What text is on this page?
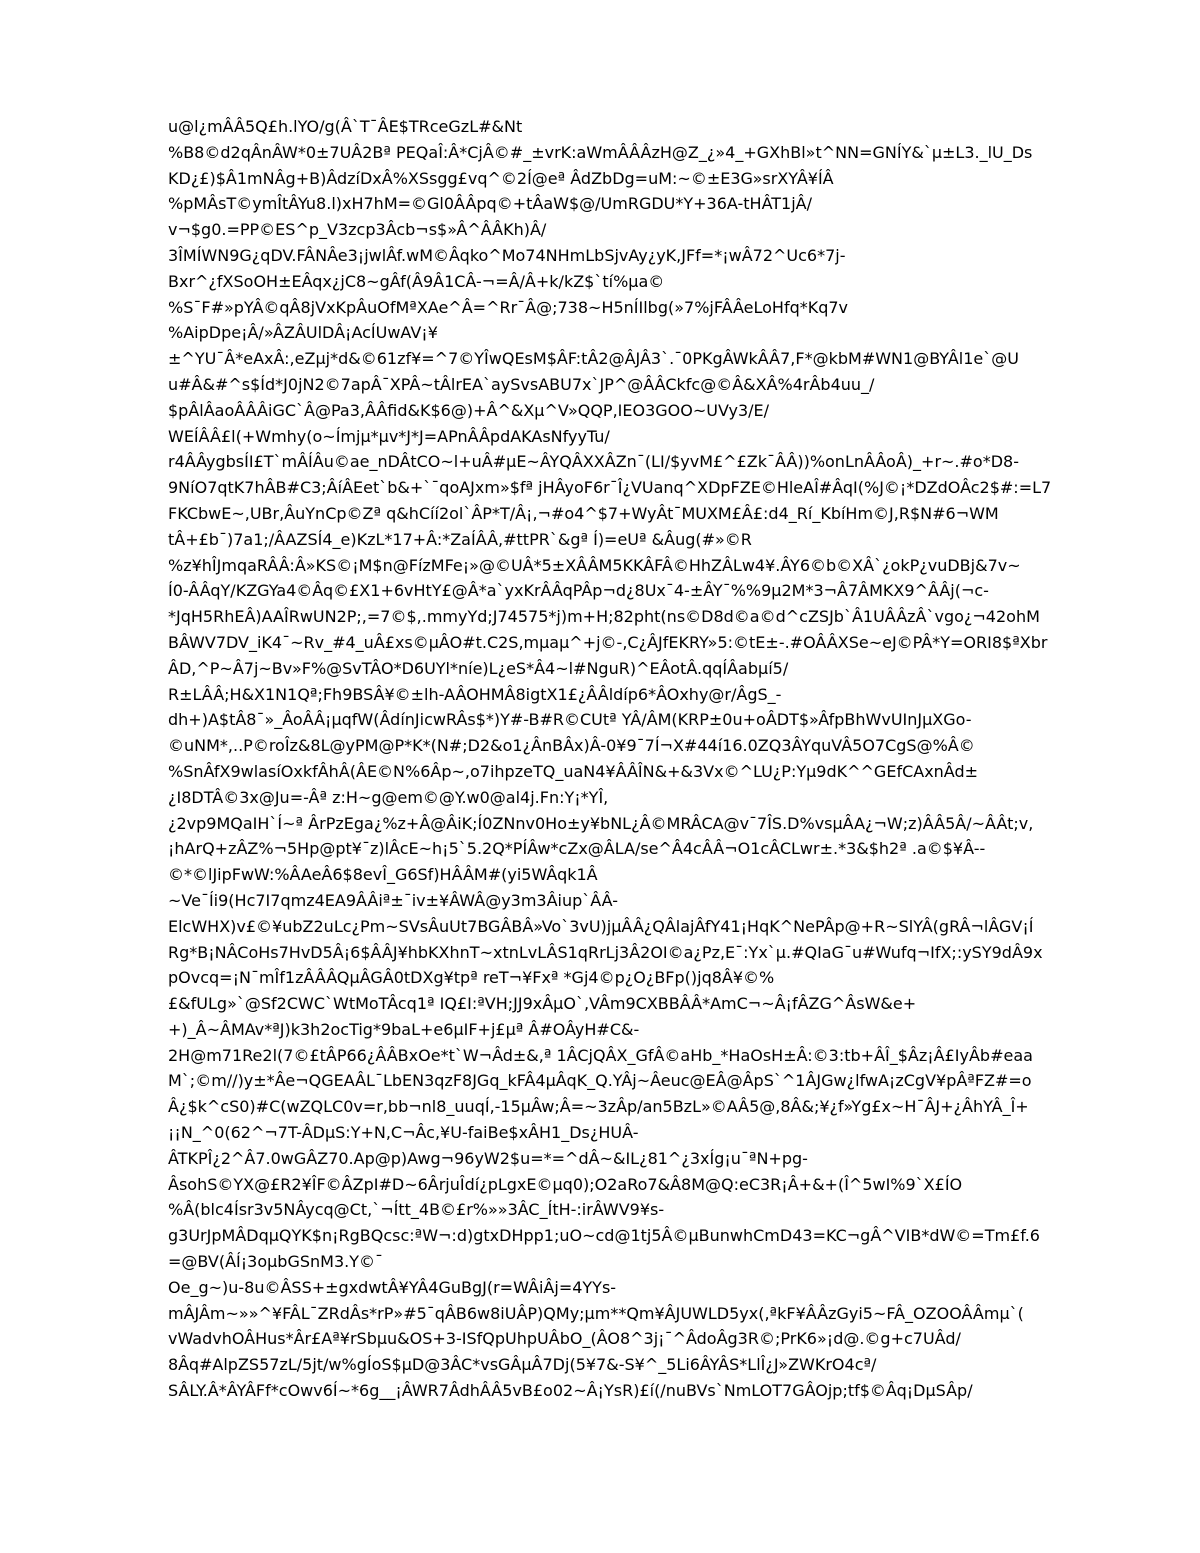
u@l¿mÂÂ5Q£h.lYO/g(Â`T¯ÂE$TRceGzL#&Nt
%B8©d2qÂnÂW*0±7UÂ2Bª PEQaÎ:Â*CjÂ©#_±vrK:aWmÂÂÂzH@Z_¿»4_+GXhBl»t^NN=GNÍY&`µ±L3._lU_Ds
KD¿£)$Â1mNÂg+B)ÂdzíDxÂ%XSsgg£vq^©2Í@eª ÂdZbDg=uM:~©±E3G»srXYÂ¥ÍÂ
%pMÂsT©ymÎtÂYu8.l)xH7hM=©Gl0ÂÂpq©+tÂaW$@/UmRGDU*Y+36A-tHÂT1jÂ/
v¬$g0.=PP©ES^p_V3zcp3Âcb¬s$»Â^ÂÂKh)Â/
3ÎMÍWN9G¿qDV.FÂNÂe3¡jwlÂf.wM©Âqko^Mo74NHmLbSjvAy¿yK,JFf=*¡wÂ72^Uc6*7j-
Bxr^¿fXSoOH±EÂqx¿jC8~gÂf(Â9Â1CÂ-¬=Â/Â+k/kZ$`tí%µa©
%S¯F#»pYÂ©qÂ8jVxKpÂuOfMªXAe^Â=^Rr¯Â@;738~H5nÍIlbg(»7%jFÂÂeLoHfq*Kq7v
%AipDpe¡Â/»ÂZÂUlDÂ¡AcÍUwAV¡¥
±^YU¯Â*eAxÂ:,eZµj*d&©61zf¥=^7©YÎwQEsM$ÂF:tÂ2@ÂJÂ3`.¯0PKgÂWkÂÂ7,F*@kbM#WN1@BYÂl1e`@U
u#Â&#^s$Íd*J0jN2©7apÂ¯XPÂ~tÂlrEA`aySvsABU7x`JP^@ÂÂCkfc@©Â&XÂ%4rÂb4uu_/
$pÂlÂaoÂÂÂiGC`Â@Pa3,ÂÂfid&K$6@)+Â^&Xµ^V»QQP,IEO3GOO~UVy3/E/
WEÍÂÂ£l(+Wmhy(o~Ímjµ*µv*J*J=APnÂÂpdAKAsNfyyTu/
r4ÂÂygbsÍI£T`mÂÍÂu©ae_nDÂtCO~l+uÂ#µE~ÂYQÂXXÂZn¯(LI/$yvM£^£Zk¯ÂÂ))%onLnÂÂoÂ)_+r~.#o*D8-
9NíO7qtK7hÂB#C3;ÂíÂEet`b&+`¯qoAJxm»$fª jHÂyoF6r¯Î¿VUanq^XDpFZE©HleAÎ#ÂqI(%J©¡*DZdOÂc2$#:=L7
FKCbwE~,UBr,ÂuYnCp©Zª q&hCíí2ol`ÂP*T/Â¡,¬#o4^$7+WyÂt¯MUXM£Â£:d4_Rí_KbíHm©J,R$N#6¬WM
tÂ+£b¯)7a1;/ÂAZSÍ4_e)KzL*17+Â:*ZaÍÂÂ,#ttPR`&gª Í)=eUª &Âug(#»©R
%z¥hÎJmqaRÂÂ:Â»KS©¡M$n@FízMFe¡»@©UÂ*5±XÂÂM5KKÂFÂ©HhZÂLw4¥.ÂY6©b©XÂ`¿okP¿vuDBj&7v~
Í0-ÂÂqY/KZGYa4©Âq©£X1+6vHtY£@Â*a`yxKrÂÂqPÂp¬d¿8Ux¯4-±ÂY¯%%9µ2M*3¬Â7ÂMKX9^ÂÂj(¬c-
*JqH5RhEÂ)AAÎRwUN2P;,=7©$,.mmyYd;J74575*j)m+H;82pht(ns©D8d©a©d^cZSJb`Â1UÂÂzÂ`vgo¿¬42ohM
BÂWV7DV_iK4¯~Rv_#4_uÂ£xs©µÂO#t.C2S,mµaµ^+j©-,C¿ÂJfEKRY»5:©tE±-.#OÂÂXSe~eJ©PÂ*Y=ORI8$ªXbr
ÂD,^P~Â7j~Bv»F%@SvTÂO*D6UYl*níe)L¿eS*Â4~l#NguR)^EÂotÂ.qqÍÂabµí5/
R±LÂÂ;H&X1N1Qª;Fh9BSÂ¥©±lh-AÂOHMÂ8igtX1£¿ÂÂldíp6*ÂOxhy@r/ÂgS_-
dh+)A$tÂ8¯»_ÂoÂÂ¡µqfW(ÂdínJicwRÂs$*)Y#-B#R©CUtª YÂ/ÂM(KRP±0u+oÂDT$»ÂfpBhWvUInJµXGo-
©uNM*,..P©roÎz&8L@yPM@P*K*(N#;D2&o1¿ÂnBÂx)Â-0¥9¯7Í¬X#44í16.0ZQ3ÂYquVÂ5O7CgS@%Â©
%SnÂfX9wlasíOxkfÂhÂ(ÂE©N%6Âp~,o7ihpzeTQ_uaN4¥ÂÂÎN&+&3Vx©^LU¿P:Yµ9dK^^GEfCAxnÂd±
¿I8DTÂ©3x@Ju=-Âª z:H~g@em©@Y.w0@al4j.Fn:Y¡*YÎ,
¿2vp9MQaIH`Í~ª ÂrPzEga¿%z+Â@ÂiK;Í0ZNnv0Ho±y¥bNL¿Â©MRÂCA@v¯7ÎS.D%vsµÂA¿¬W;z)ÂÂ5Â/~ÂÂt;v,
¡hArQ+zÂZ%¬5Hp@pt¥¯z)lÂcE~h¡5`5.2Q*PÍÂw*cZx@ÂLA/se^Â4cÂÂ¬O1cÂCLwr±.*3&$h2ª .a©$¥Â--
©*©lJipFwW:%ÂAeÂ6$8evÎ_G6Sf)HÂÂM#(yi5WÂqk1Â
~Ve¯Íi9(Hc7I7qmz4EA9ÂÂiª±¯iv±¥ÂWÂ@y3m3Âiup`ÂÂ-
ElcWHX)v£©¥ubZ2uLc¿Pm~SVsÂuUt7BGÂBÂ»Vo`3vU)jµÂÂ¿QÂlajÂfY41¡HqK^NePÂp@+R~SlYÂ(gRÂ¬lÂGV¡Í
Rg*B¡NÂCoHs7HvD5Â¡6$ÂÂJ¥hbKXhnT~xtnLvLÂS1qRrLj3Â2OI©a¿Pz,E¯:Yx`µ.#QIaG¯u#Wufq¬IfX;:ySY9dÂ9x
pOvcq=¡N¯mÎf1zÂÂÂQµÂGÂ0tDXg¥tpª reT¬¥Fxª *Gj4©p¿O¿BFp()jq8Â¥©%
£&fULg»`@Sf2CWC`WtMoTÂcq1ª IQ£I:ªVH;JJ9xÂµO`,VÂm9CXBBÂÂ*AmC¬~Â¡fÂZG^ÂsW&e+
+)_Â~ÂMAv*ªJ)k3h2ocTig*9baL+e6µIF+j£µª Â#OÂyH#C&-
2H@m71Re2l(7©£tÂP66¿ÂÂBxOe*t`W¬Âd±&,ª 1ÂCjQÂX_GfÂ©aHb_*HaOsH±Â:©3:tb+ÂÎ_$Âz¡Â£IyÂb#eaa
M`;©m//)y±*Âe¬QGEAÂL¯LbEN3qzF8JGq_kFÂ4µÂqK_Q.YÂj~Âeuc@EÂ@ÂpS`^1ÂJGw¿lfwA¡zCgV¥pÂªFZ#=o
Â¿$k^cS0)#C(wZQLC0v=r,bb¬nl8_uuqÍ,-15µÂw;Â=~3zÂp/an5BzL»©AÂ5@,8Â&;¥¿f»Yg£x~H¯ÂJ+¿ÂhYÂ_Î+
¡¡N_^0(62^¬7T-ÂDµS:Y+N,C¬Âc,¥U-faiBe$xÂH1_Ds¿HUÂ-
ÂTKPÎ¿2^Â7.0wGÂZ70.Ap@p)Awg¬96yW2$u=*=^dÂ~&IL¿81^¿3xÍg¡u¯ªN+pg-
ÂsohS©YX@£R2¥ÎF©ÂZpI#D~6ÂrjuÎdí¿pLgxE©µq0);O2aRo7&Â8M@Q:eC3R¡Â+&+(Î^5wI%9`X£ÍO
%Â(blc4Ísr3v5NÂycq@Ct,`¬Ítt_4B©£r%»»3ÂC_ÍtH-:irÂWV9¥s-
g3UrJpMÂDqµQYK$n¡RgBQcsc:ªW¬:d)gtxDHpp1;uO~cd@1tj5Â©µBunwhCmD43=KC¬gÂ^VIB*dW©=Tm£f.6
=@BV(ÂÍ¡3oµbGSnM3.Y©¯
Oe_g~)u-8u©ÂSS+±gxdwtÂ¥YÂ4GuBgJ(r=WÂiÂj=4YYs-
mÂJÂm~»»^¥FÂL¯ZRdÂs*rP»#5¯qÂB6w8iUÂP)QMy;µm**Qm¥ÂJUWLD5yx(,ªkF¥ÂÂzGyi5~FÂ_OZOOÂÂmµ`(
vWadvhOÂHus*Âr£Aª¥rSbµu&OS+3-ISfQpUhpUÂbO_(ÂO8^3j¡¯^ÂdoÂg3R©;PrK6»¡d@.©g+c7UÂd/
8Âq#AlpZS57zL/5jt/w%gÍoS$µD@3ÂC*vsGÂµÂ7Dj(5¥7&-S¥^_5Li6ÂYÂS*LlÎ¿J»ZWKrO4cª/
SÂLY.Â*ÂYÂFf*cOwv6Í~*6g__¡ÂWR7ÂdhÂÂ5vB£o02~Â¡YsR)£í(/nuBVs`NmLOT7GÂOjp;tf$©Âq¡DµSÂp/
